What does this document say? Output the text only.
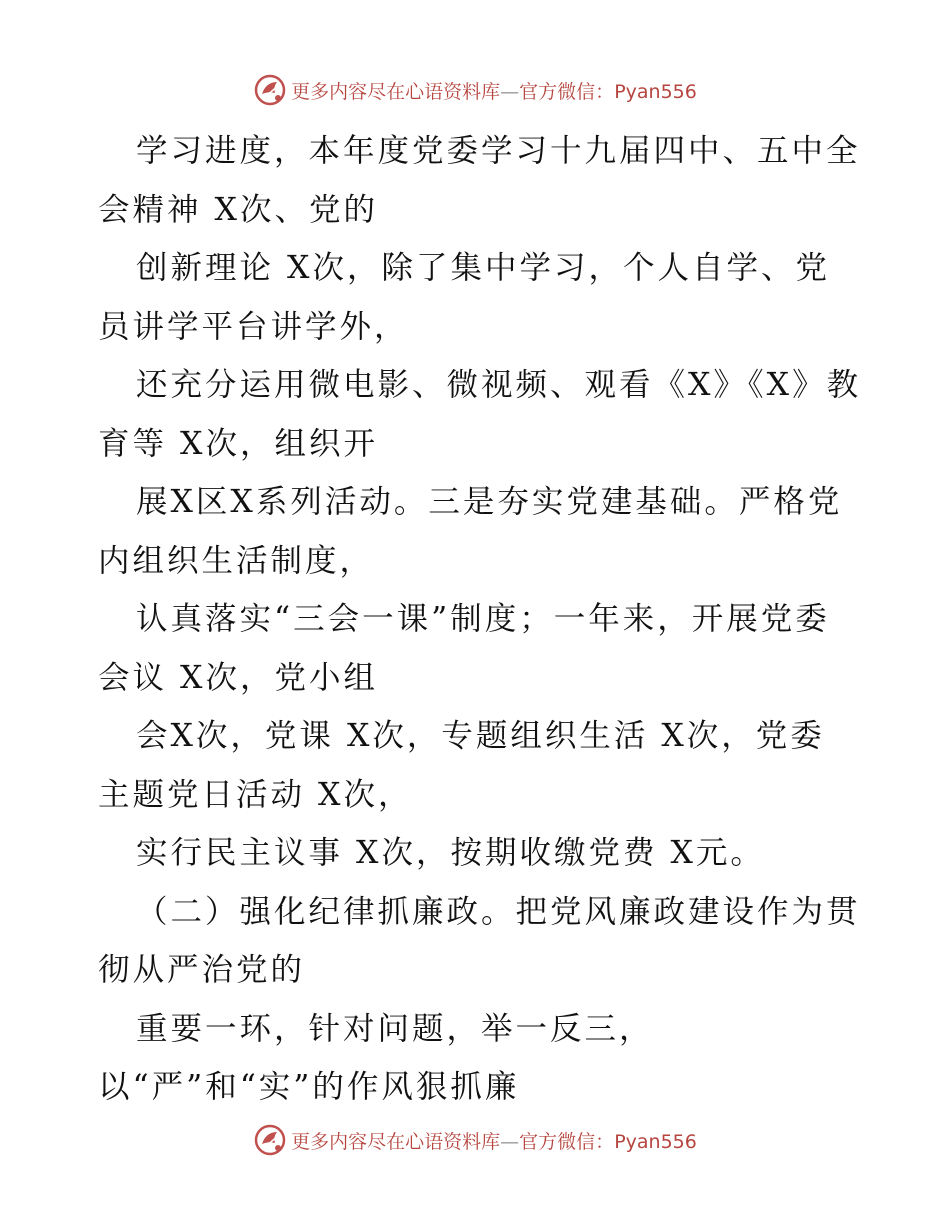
更多内容尽在心语资料库—官方微信：Pyan556
学习进度，本年度党委学习十九届四中、五中全
会精神 X次、党的
创新理论 X次，除了集中学习，个人自学、党
员讲学平台讲学外，
还充分运用微电影、微视频、观看《X》《X》教
育等 X次，组织开
展X区X系列活动。三是夯实党建基础。严格党
内组织生活制度，
认真落实“三会一课”制度；一年来，开展党委
会议 X次，党小组
会X次，党课 X次，专题组织生活 X次，党委
主题党日活动 X次，
实行民主议事 X次，按期收缴党费 X元。
（二）强化纪律抓廉政。把党风廉政建设作为贯
彻从严治党的
重要一环，针对问题，举一反三，
以“严”和“实”的作风狠抓廉
更多内容尽在心语资料库—官方微信：Pyan556
